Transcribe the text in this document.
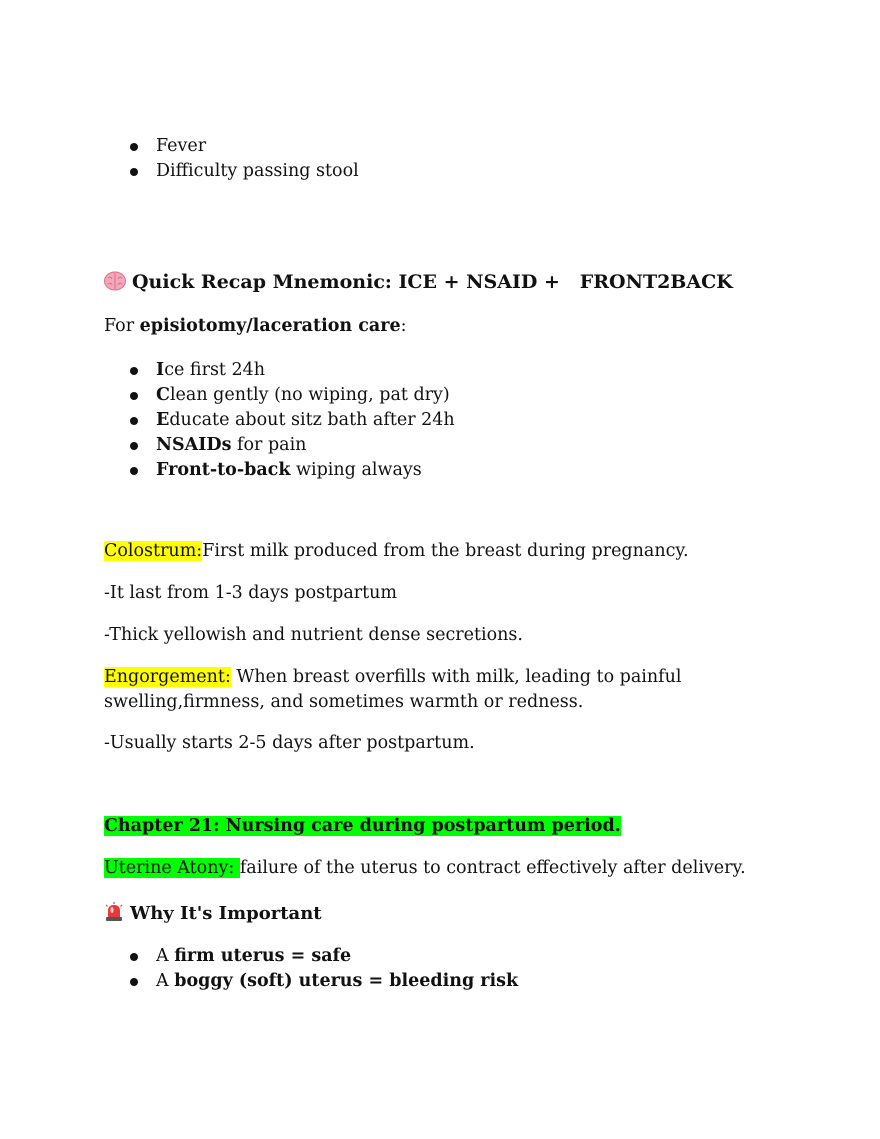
Fever
Difficulty passing stool
Quick Recap Mnemonic: ICE + NSAID +   FRONT2BACK
For episiotomy/laceration care:
Ice first 24h
Clean gently (no wiping, pat dry)
Educate about sitz bath after 24h
NSAIDs for pain
Front-to-back wiping always
Colostrum:First milk produced from the breast during pregnancy.
-It last from 1-3 days postpartum
-Thick yellowish and nutrient dense secretions.
Engorgement: When breast overfills with milk, leading to painful
swelling,firmness, and sometimes warmth or redness.
-Usually starts 2-5 days after postpartum.
Chapter 21: Nursing care during postpartum period.
Uterine Atony: failure of the uterus to contract effectively after delivery.
Why It's Important
A firm uterus = safe
A boggy (soft) uterus = bleeding risk
